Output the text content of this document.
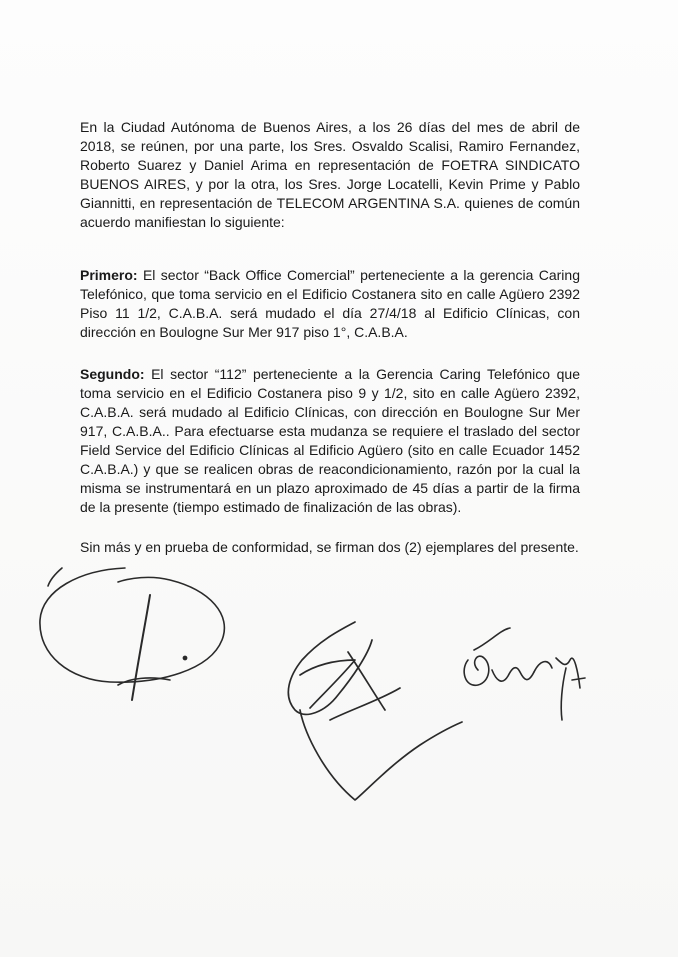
En la Ciudad Autónoma de Buenos Aires, a los 26 días del mes de abril de 2018, se reúnen, por una parte, los Sres. Osvaldo Scalisi, Ramiro Fernandez, Roberto Suarez y Daniel Arima en representación de FOETRA SINDICATO BUENOS AIRES, y por la otra, los Sres. Jorge Locatelli, Kevin Prime y Pablo Giannitti, en representación de TELECOM ARGENTINA S.A. quienes de común acuerdo manifiestan lo siguiente:
Primero: El sector “Back Office Comercial” perteneciente a la gerencia Caring Telefónico, que toma servicio en el Edificio Costanera sito en calle Agüero 2392 Piso 11 1/2, C.A.B.A. será mudado el día 27/4/18 al Edificio Clínicas, con dirección en Boulogne Sur Mer 917 piso 1°, C.A.B.A.
Segundo: El sector “112” perteneciente a la Gerencia Caring Telefónico que toma servicio en el Edificio Costanera piso 9 y 1/2, sito en calle Agüero 2392, C.A.B.A. será mudado al Edificio Clínicas, con dirección en Boulogne Sur Mer 917, C.A.B.A.. Para efectuarse esta mudanza se requiere el traslado del sector Field Service del Edificio Clínicas al Edificio Agüero (sito en calle Ecuador 1452 C.A.B.A.) y que se realicen obras de reacondicionamiento, razón por la cual la misma se instrumentará en un plazo aproximado de 45 días a partir de la firma de la presente (tiempo estimado de finalización de las obras).
Sin más y en prueba de conformidad, se firman dos (2) ejemplares del presente.
